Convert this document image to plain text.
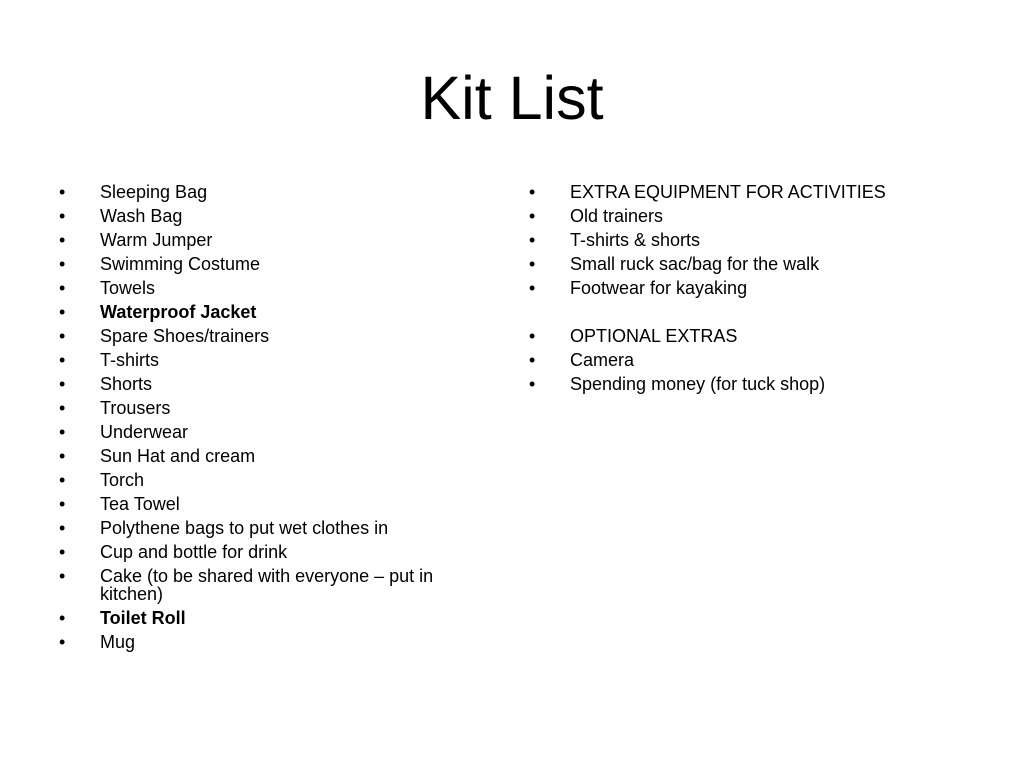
Kit List
•	Sleeping Bag
•	Wash Bag
•	Warm Jumper
•	Swimming Costume
•	Towels
•	Waterproof Jacket
•	Spare Shoes/trainers
•	T-shirts
•	Shorts
•	Trousers
•	Underwear
•	Sun Hat and cream
•	Torch
•	Tea Towel
•	Polythene bags to put wet clothes in
•	Cup and bottle for drink
•	Cake (to be shared with everyone – put in kitchen)
•	Toilet Roll
•	Mug
•	EXTRA EQUIPMENT FOR ACTIVITIES
•	Old trainers
•	T-shirts & shorts
•	Small ruck sac/bag for the walk
•	Footwear for kayaking
•	OPTIONAL EXTRAS
•	Camera
•	Spending money (for tuck shop)
